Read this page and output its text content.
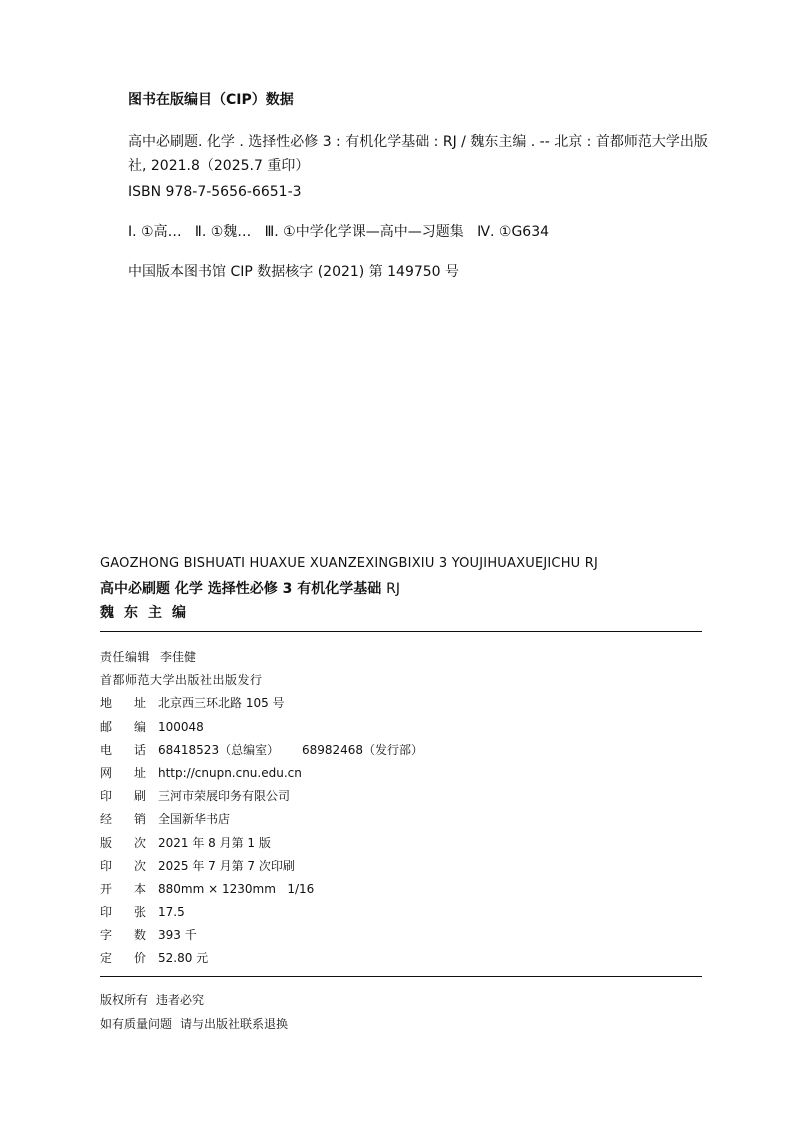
图书在版编目（CIP）数据
高中必刷题. 化学 . 选择性必修 3 : 有机化学基础 : RJ / 魏东主编 . -- 北京 : 首都师范大学出版社, 2021.8（2025.7 重印）
ISBN 978-7-5656-6651-3
Ⅰ. ①高…   Ⅱ. ①魏…   Ⅲ. ①中学化学课—高中—习题集   Ⅳ. ①G634
中国版本图书馆 CIP 数据核字 (2021) 第 149750 号
GAOZHONG BISHUATI HUAXUE XUANZEXINGBIXIU 3 YOUJIHUAXUEJICHU RJ
高中必刷题 化学 选择性必修 3 有机化学基础 RJ
魏东主编
责任编辑 李佳健
首都师范大学出版社出版发行
地 址 北京西三环北路 105 号
邮 编 100048
电 话 68418523（总编室）      68982468（发行部）
网 址 http://cnupn.cnu.edu.cn
印 刷 三河市荣展印务有限公司
经 销 全国新华书店
版 次 2021 年 8 月第 1 版
印 次 2025 年 7 月第 7 次印刷
开 本 880mm × 1230mm   1/16
印 张 17.5
字 数 393 千
定 价 52.80 元
版权所有 违者必究
如有质量问题 请与出版社联系退换
